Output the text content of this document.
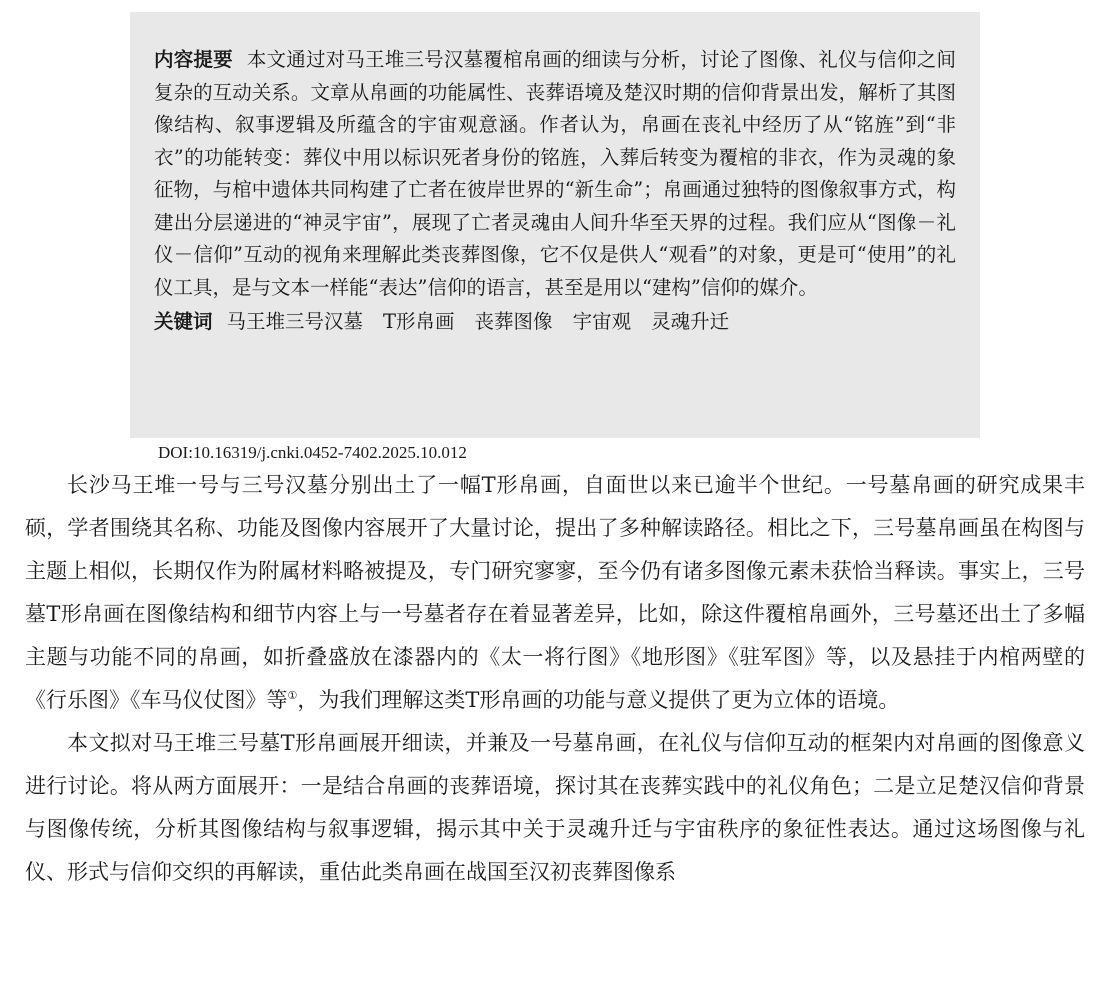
内容提要 本文通过对马王堆三号汉墓覆棺帛画的细读与分析，讨论了图像、礼仪与信仰之间复杂的互动关系。文章从帛画的功能属性、丧葬语境及楚汉时期的信仰背景出发，解析了其图像结构、叙事逻辑及所蕴含的宇宙观意涵。作者认为，帛画在丧礼中经历了从“铭旌”到“非衣”的功能转变：葬仪中用以标识死者身份的铭旌，入葬后转变为覆棺的非衣，作为灵魂的象征物，与棺中遗体共同构建了亡者在彼岸世界的“新生命”；帛画通过独特的图像叙事方式，构建出分层递进的“神灵宇宙”，展现了亡者灵魂由人间升华至天界的过程。我们应从“图像－礼仪－信仰”互动的视角来理解此类丧葬图像，它不仅是供人“观看”的对象，更是可“使用”的礼仪工具，是与文本一样能“表达”信仰的语言，甚至是用以“建构”信仰的媒介。

关键词 马王堆三号汉墓 T形帛画 丧葬图像 宇宙观 灵魂升迁

DOI:10.16319/j.cnki.0452-7402.2025.10.012

长沙马王堆一号与三号汉墓分别出土了一幅T形帛画，自面世以来已逾半个世纪。一号墓帛画的研究成果丰硕，学者围绕其名称、功能及图像内容展开了大量讨论，提出了多种解读路径。相比之下，三号墓帛画虽在构图与主题上相似，长期仅作为附属材料略被提及，专门研究寥寥，至今仍有诸多图像元素未获恰当释读。事实上，三号墓T形帛画在图像结构和细节内容上与一号墓者存在着显著差异，比如，除这件覆棺帛画外，三号墓还出土了多幅主题与功能不同的帛画，如折叠盛放在漆器内的《太一将行图》《地形图》《驻军图》等，以及悬挂于内棺两壁的《行乐图》《车马仪仗图》等①，为我们理解这类T形帛画的功能与意义提供了更为立体的语境。

本文拟对马王堆三号墓T形帛画展开细读，并兼及一号墓帛画，在礼仪与信仰互动的框架内对帛画的图像意义进行讨论。将从两方面展开：一是结合帛画的丧葬语境，探讨其在丧葬实践中的礼仪角色；二是立足楚汉信仰背景与图像传统，分析其图像结构与叙事逻辑，揭示其中关于灵魂升迁与宇宙秩序的象征性表达。通过这场图像与礼仪、形式与信仰交织的再解读，重估此类帛画在战国至汉初丧葬图像系
